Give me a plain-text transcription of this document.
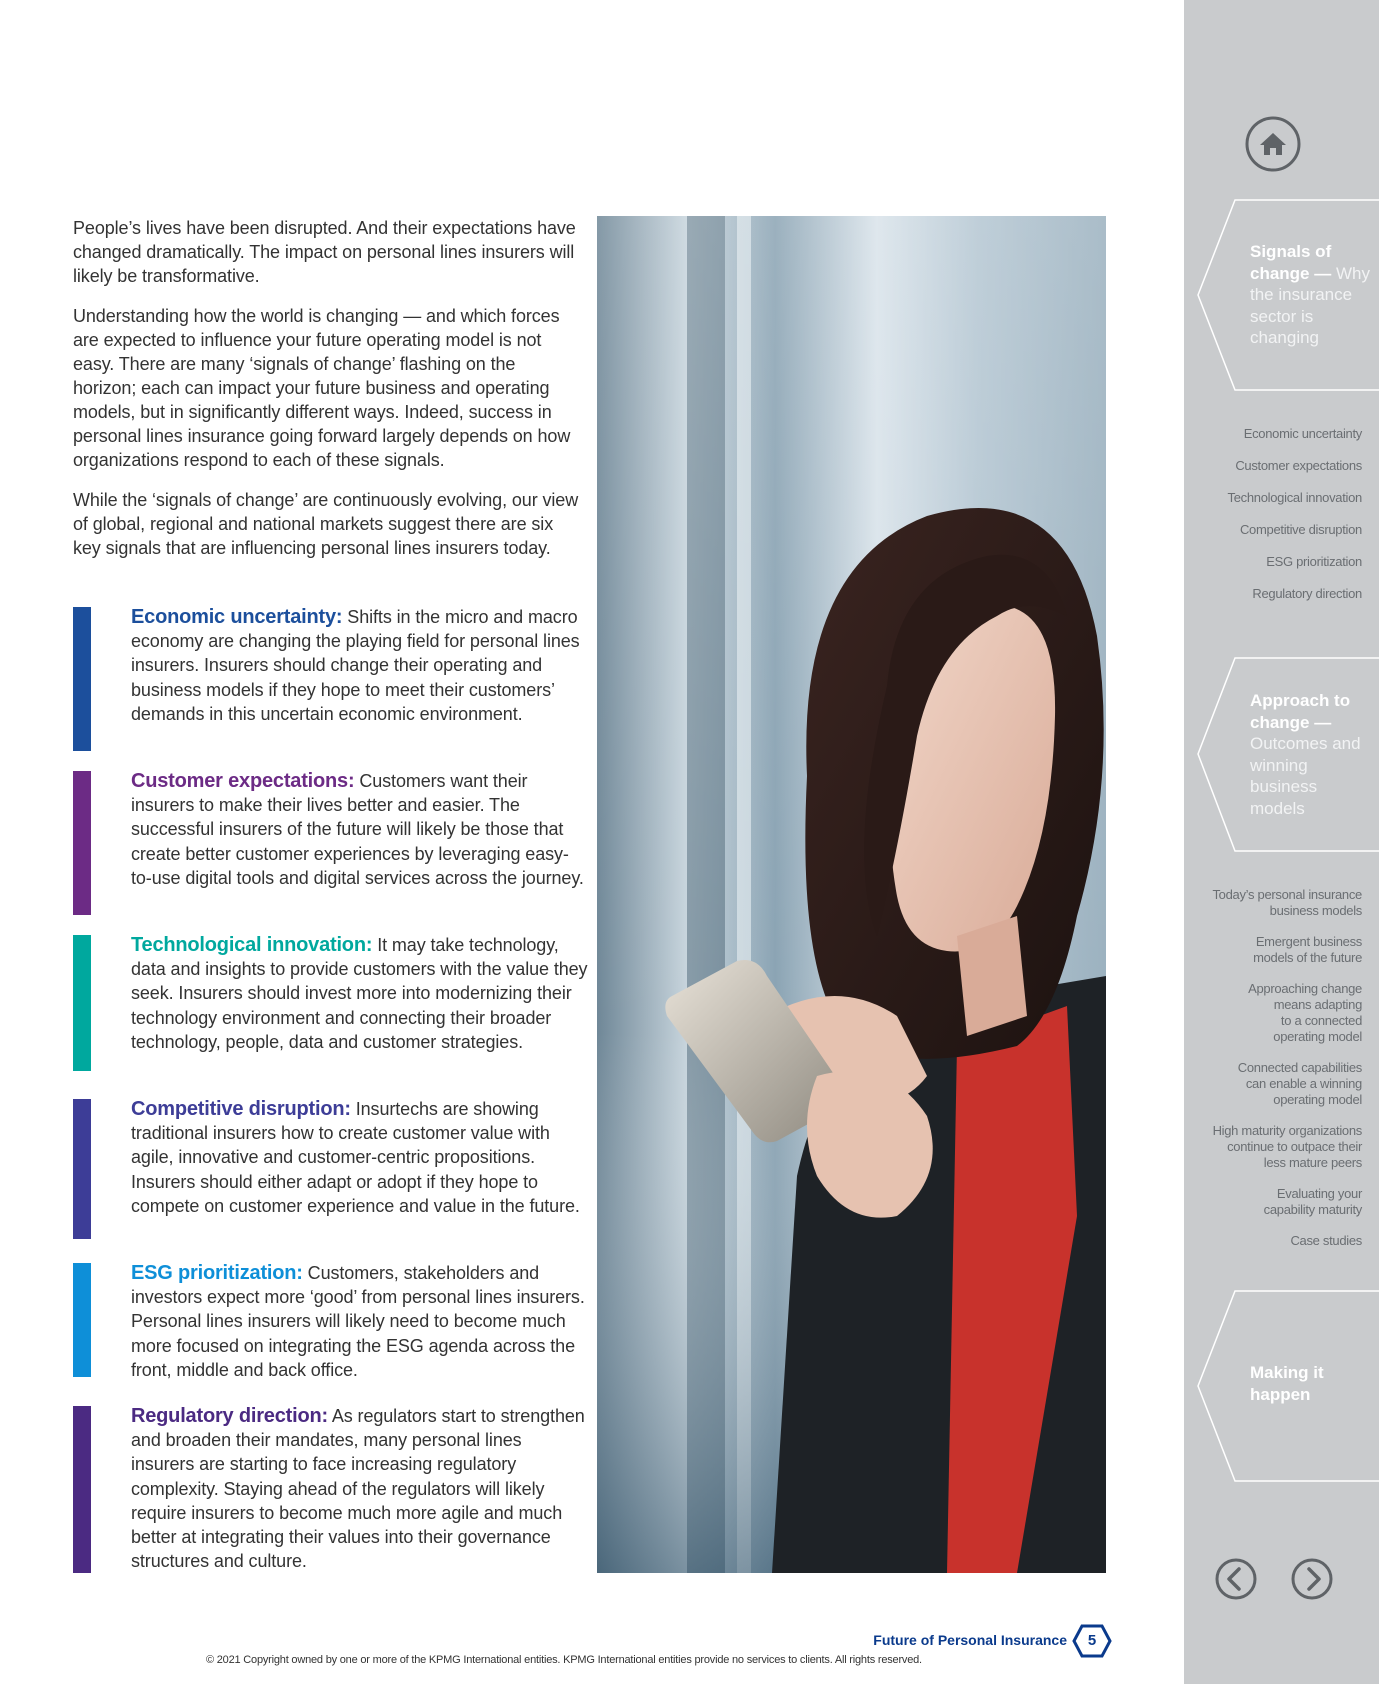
People’s lives have been disrupted. And their expectations have changed dramatically. The impact on personal lines insurers will likely be transformative.

Understanding how the world is changing — and which forces are expected to influence your future operating model is not easy. There are many ‘signals of change’ flashing on the horizon; each can impact your future business and operating models, but in significantly different ways. Indeed, success in personal lines insurance going forward largely depends on how organizations respond to each of these signals.

While the ‘signals of change’ are continuously evolving, our view of global, regional and national markets suggest there are six key signals that are influencing personal lines insurers today.

Economic uncertainty: Shifts in the micro and macro economy are changing the playing field for personal lines insurers. Insurers should change their operating and business models if they hope to meet their customers’ demands in this uncertain economic environment.
Customer expectations: Customers want their insurers to make their lives better and easier. The successful insurers of the future will likely be those that create better customer experiences by leveraging easy-to-use digital tools and digital services across the journey.
Technological innovation: It may take technology, data and insights to provide customers with the value they seek. Insurers should invest more into modernizing their technology environment and connecting their broader technology, people, data and customer strategies.
Competitive disruption: Insurtechs are showing traditional insurers how to create customer value with agile, innovative and customer-centric propositions. Insurers should either adapt or adopt if they hope to compete on customer experience and value in the future.
ESG prioritization: Customers, stakeholders and investors expect more ‘good’ from personal lines insurers. Personal lines insurers will likely need to become much more focused on integrating the ESG agenda across the front, middle and back office.
Regulatory direction: As regulators start to strengthen and broaden their mandates, many personal lines insurers are starting to face increasing regulatory complexity. Staying ahead of the regulators will likely require insurers to become much more agile and much better at integrating their values into their governance structures and culture.
Future of Personal Insurance	5
© 2021 Copyright owned by one or more of the KPMG International entities. KPMG International entities provide no services to clients. All rights reserved.
Signals of change — Why the insurance sector is changing
Economic uncertainty
Customer expectations
Technological innovation
Competitive disruption
ESG prioritization
Regulatory direction
Approach to change — Outcomes and winning business models
Today’s personal insurance
business models
Emergent business
models of the future
Approaching change
means adapting
to a connected
operating model
Connected capabilities
can enable a winning
operating model
High maturity organizations
continue to outpace their
less mature peers
Evaluating your
capability maturity
Case studies
Making it happen
